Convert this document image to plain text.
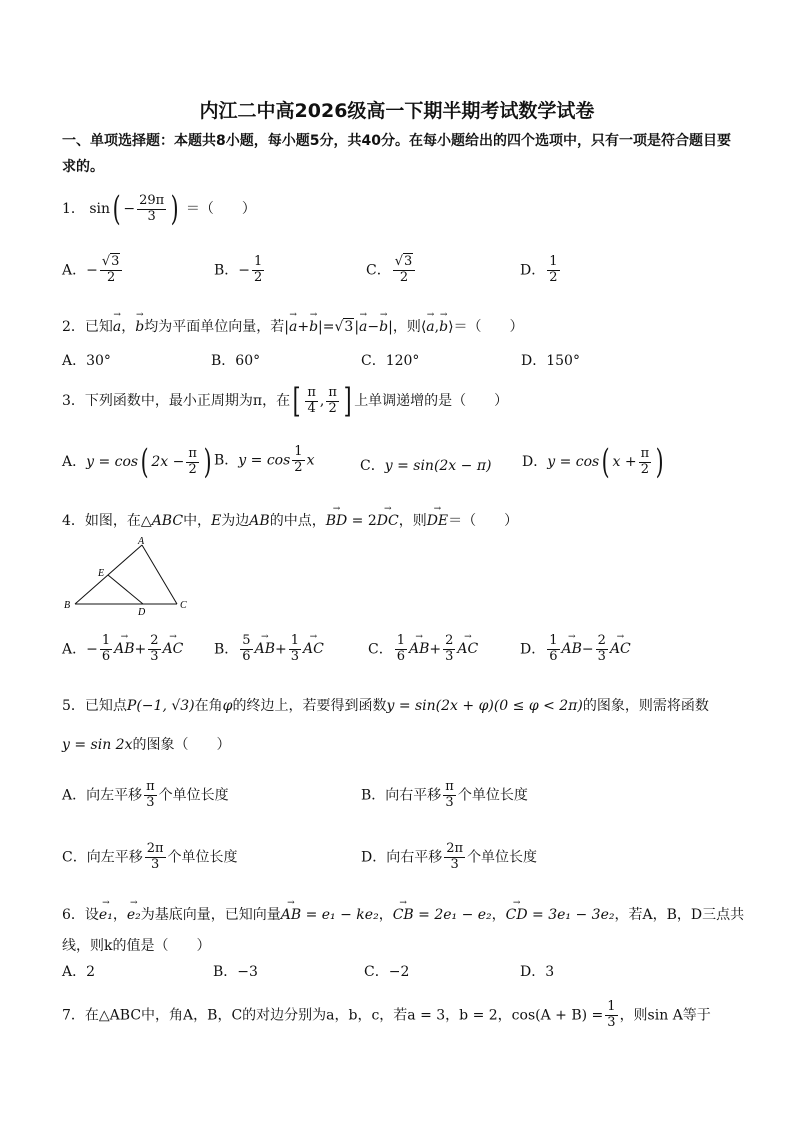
内江二中高2026级高一下期半期考试数学试卷
一、单项选择题：本题共8小题，每小题5分，共40分。在每小题给出的四个选项中，只有一项是符合题目要求的。
1． $\sin( - \frac{29\pi}{3}$ ) ＝（　　）
A．− $\frac{√3}{2}$	B．− $\frac{1}{2}$	C． $\frac{√3}{2}$	D． $\frac{1}{2}$
2．已知→ a，→ b均为平面单位向量，若|→ a+→ b|=√3|→ a−→ b|，则⟨→ a,→ b⟩＝（　　）
A．30°	B．60°	C．120°	D．150°
3．下列函数中，最小正周期为π，在[ $\frac{\pi}{4}$ , $\frac{\pi}{2}$ ] 上单调递增的是（　　）
A．y = cos( $2x - \frac{\pi}{2}$ ) B．$y = \cos \frac{1}{2}$ x	C．y = sin(2x − π) D．y = cos( $x + \frac{\pi}{2}$ )
4．如图，在△ABC中，E为边AB的中点，→ BD = 2→ DC，则→ DE＝（　　）
A
B	C
D
E
A．− $\frac{1}{6}$
→ $AB+ \frac{2}{3}$
→ AC B． $\frac{5}{6}$
→ $AB+ \frac{1}{3}$
→ AC	C． $\frac{1}{6}$
→ $AB+ \frac{2}{3}$
→ AC	D． $\frac{1}{6}$
→ $AB- \frac{2}{3}$
→ AC
5．已知点P(−1, √3)在角φ的终边上，若要得到函数y = sin(2x + φ)(0 ≤ φ < 2π)的图象，则需将函数
y = sin 2x的图象（　　）
A．向左平移 $\frac{\pi}{3}$ 个单位长度	B．向右平移 $\frac{\pi}{3}$ 个单位长度
C．向左平移 $\frac{2\pi}{3}$ 个单位长度	D．向右平移 $\frac{2\pi}{3}$ 个单位长度
6．设→ e₁，→ e₂为基底向量，已知向量→ AB = e₁ − ke₂，→ CB = 2e₁ − e₂，→ CD = 3e₁ − 3e₂，若A，B，D三点共
线，则k的值是（　　）
A．2	B．−3	C．−2	D．3
7．在△ABC中，角A，B，C的对边分别为a，b，c，若a = 3，b = 2，$\cos(A + B) = \frac{1}{3}$ ，则sin A等于
